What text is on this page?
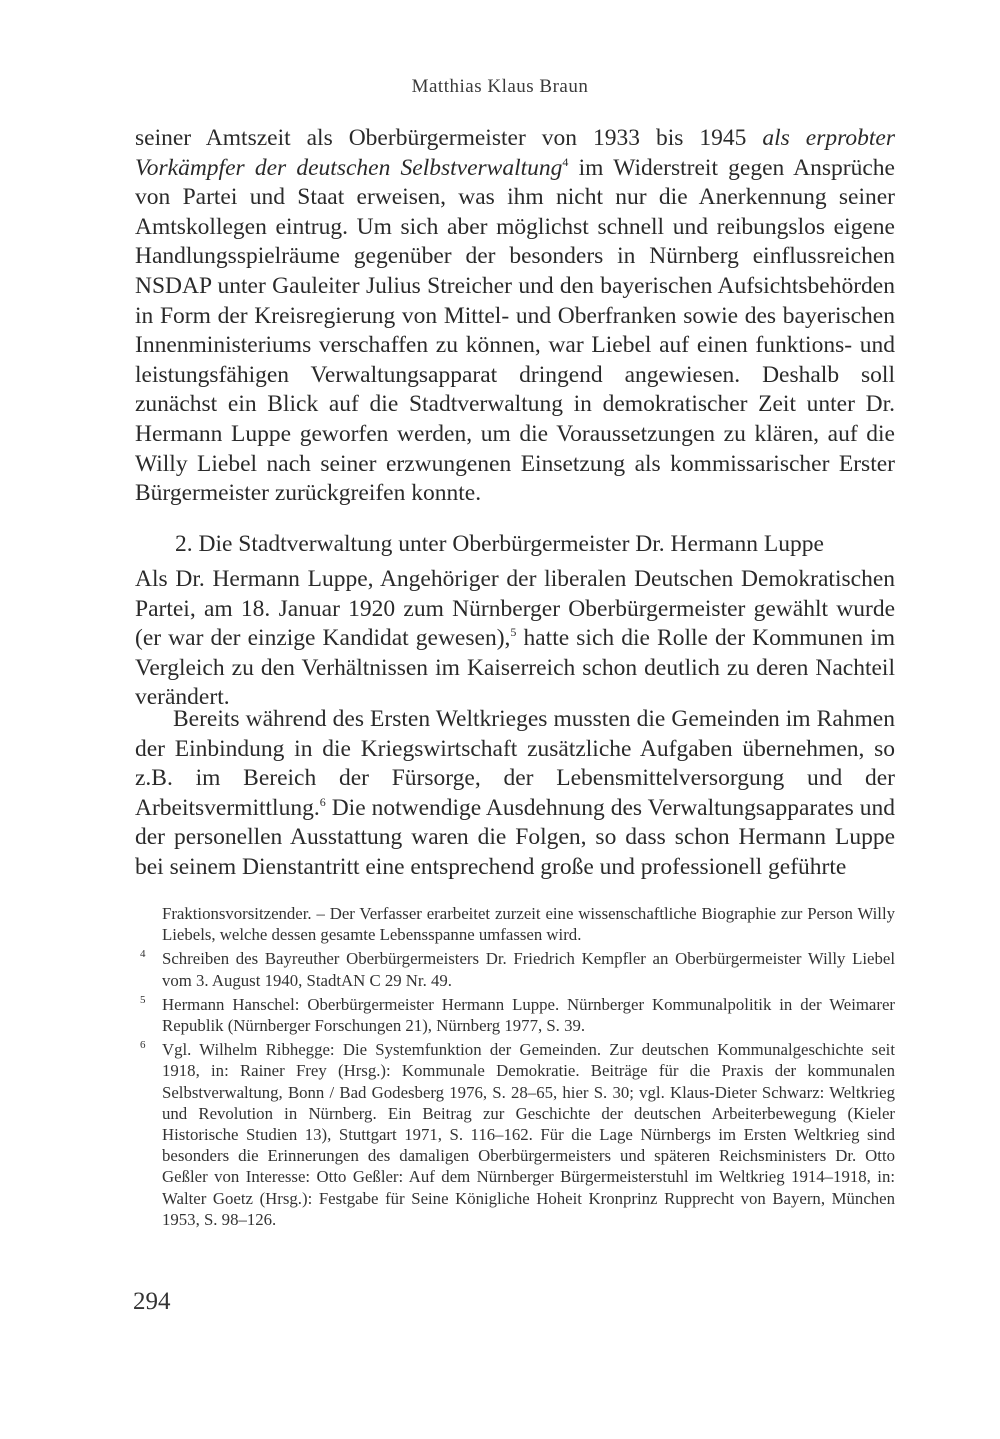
Matthias Klaus Braun

seiner Amtszeit als Oberbürgermeister von 1933 bis 1945 als erprobter Vorkämpfer der deutschen Selbstverwaltung$^4$ im Widerstreit gegen Ansprüche von Partei und Staat erweisen, was ihm nicht nur die Anerkennung seiner Amtskollegen eintrug. Um sich aber möglichst schnell und reibungslos eigene Handlungsspielräume gegenüber der besonders in Nürnberg einflussreichen NSDAP unter Gauleiter Julius Streicher und den bayerischen Aufsichtsbehörden in Form der Kreisregierung von Mittel- und Oberfranken sowie des bayerischen Innenministeriums verschaffen zu können, war Liebel auf einen funktions- und leistungsfähigen Verwaltungsapparat dringend angewiesen. Deshalb soll zunächst ein Blick auf die Stadtverwaltung in demokratischer Zeit unter Dr. Hermann Luppe geworfen werden, um die Voraussetzungen zu klären, auf die Willy Liebel nach seiner erzwungenen Einsetzung als kommissarischer Erster Bürgermeister zurückgreifen konnte.

2. Die Stadtverwaltung unter Oberbürgermeister Dr. Hermann Luppe

Als Dr. Hermann Luppe, Angehöriger der liberalen Deutschen Demokratischen Partei, am 18. Januar 1920 zum Nürnberger Oberbürgermeister gewählt wurde (er war der einzige Kandidat gewesen),$^5$ hatte sich die Rolle der Kommunen im Vergleich zu den Verhältnissen im Kaiserreich schon deutlich zu deren Nachteil verändert.

Bereits während des Ersten Weltkrieges mussten die Gemeinden im Rahmen der Einbindung in die Kriegswirtschaft zusätzliche Aufgaben übernehmen, so z.B. im Bereich der Fürsorge, der Lebensmittelversorgung und der Arbeitsvermittlung.$^6$ Die notwendige Ausdehnung des Verwaltungsapparates und der personellen Ausstattung waren die Folgen, so dass schon Hermann Luppe bei seinem Dienstantritt eine entsprechend große und professionell geführte

Fraktionsvorsitzender. – Der Verfasser erarbeitet zurzeit eine wissenschaftliche Biographie zur Person Willy Liebels, welche dessen gesamte Lebensspanne umfassen wird.

4 Schreiben des Bayreuther Oberbürgermeisters Dr. Friedrich Kempfler an Oberbürgermeister Willy Liebel vom 3. August 1940, StadtAN C 29 Nr. 49.

5 Hermann Hanschel: Oberbürgermeister Hermann Luppe. Nürnberger Kommunalpolitik in der Weimarer Republik (Nürnberger Forschungen 21), Nürnberg 1977, S. 39.

6 Vgl. Wilhelm Ribhegge: Die Systemfunktion der Gemeinden. Zur deutschen Kommunalgeschichte seit 1918, in: Rainer Frey (Hrsg.): Kommunale Demokratie. Beiträge für die Praxis der kommunalen Selbstverwaltung, Bonn / Bad Godesberg 1976, S. 28–65, hier S. 30; vgl. Klaus-Dieter Schwarz: Weltkrieg und Revolution in Nürnberg. Ein Beitrag zur Geschichte der deutschen Arbeiterbewegung (Kieler Historische Studien 13), Stuttgart 1971, S. 116–162. Für die Lage Nürnbergs im Ersten Weltkrieg sind besonders die Erinnerungen des damaligen Oberbürgermeisters und späteren Reichsministers Dr. Otto Geßler von Interesse: Otto Geßler: Auf dem Nürnberger Bürgermeisterstuhl im Weltkrieg 1914–1918, in: Walter Goetz (Hrsg.): Festgabe für Seine Königliche Hoheit Kronprinz Rupprecht von Bayern, München 1953, S. 98–126.

294
